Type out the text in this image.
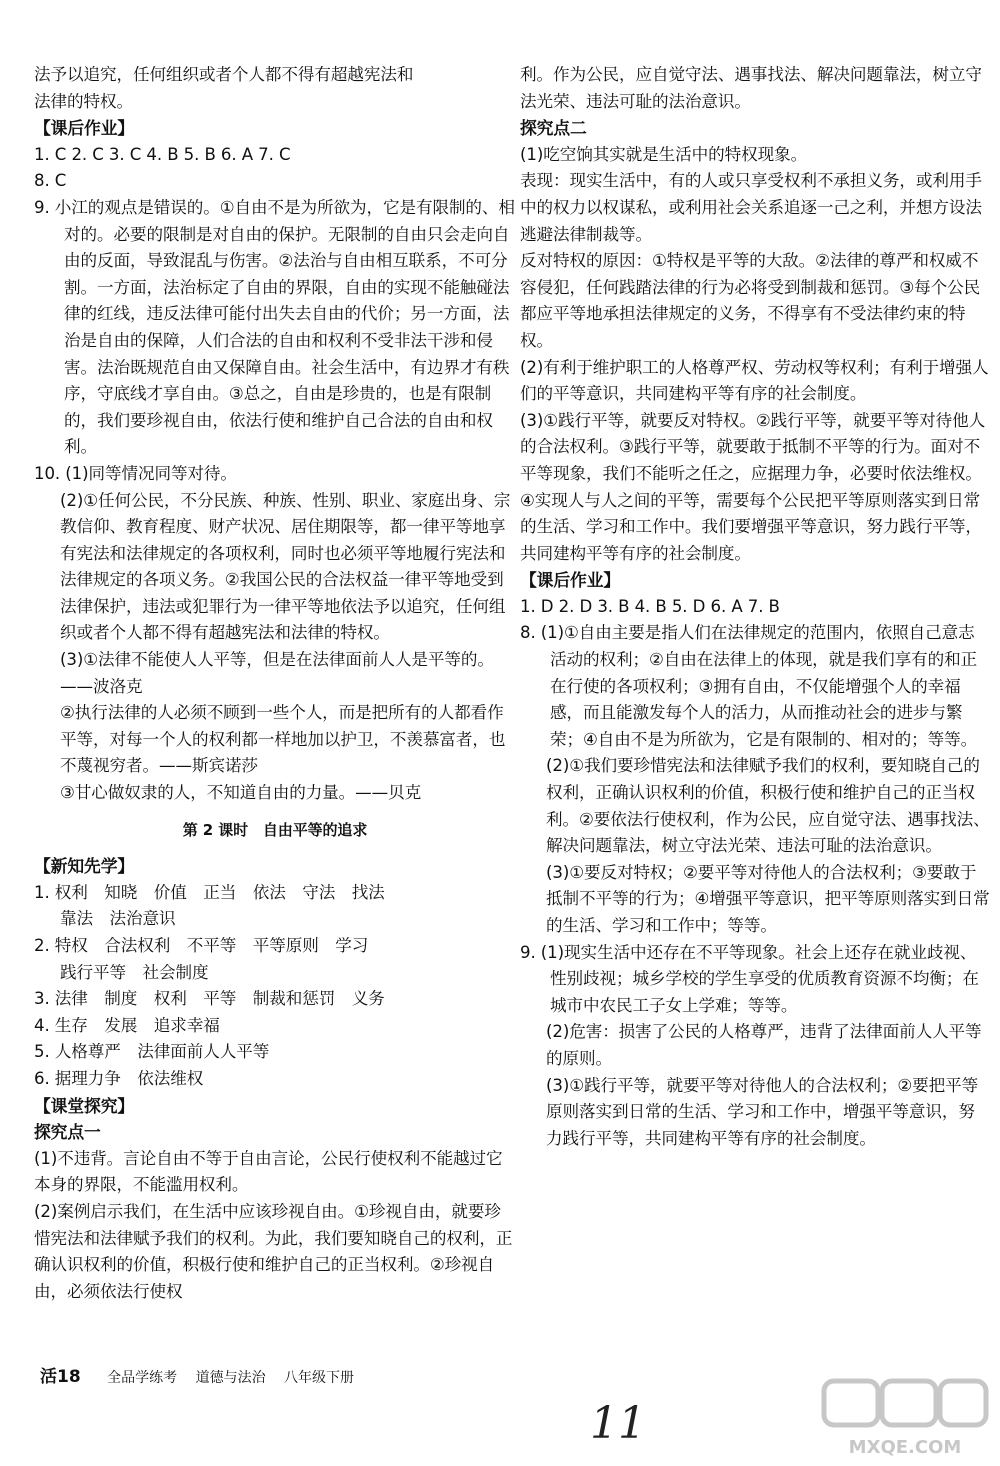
法予以追究，任何组织或者个人都不得有超越宪法和

法律的特权。

【课后作业】

1. C 2. C 3. C 4. B 5. B 6. A 7. C

8. C

9. 小江的观点是错误的。①自由不是为所欲为，它是有限制的、相对的。必要的限制是对自由的保护。无限制的自由只会走向自由的反面，导致混乱与伤害。②法治与自由相互联系，不可分割。一方面，法治标定了自由的界限，自由的实现不能触碰法律的红线，违反法律可能付出失去自由的代价；另一方面，法治是自由的保障，人们合法的自由和权利不受非法干涉和侵害。法治既规范自由又保障自由。社会生活中，有边界才有秩序，守底线才享自由。③总之，自由是珍贵的，也是有限制的，我们要珍视自由，依法行使和维护自己合法的自由和权利。

10. (1)同等情况同等对待。

(2)①任何公民，不分民族、种族、性别、职业、家庭出身、宗教信仰、教育程度、财产状况、居住期限等，都一律平等地享有宪法和法律规定的各项权利，同时也必须平等地履行宪法和法律规定的各项义务。②我国公民的合法权益一律平等地受到法律保护，违法或犯罪行为一律平等地依法予以追究，任何组织或者个人都不得有超越宪法和法律的特权。

(3)①法律不能使人人平等，但是在法律面前人人是平等的。——波洛克

②执行法律的人必须不顾到一些个人，而是把所有的人都看作平等，对每一个人的权利都一样地加以护卫，不羡慕富者，也不蔑视穷者。——斯宾诺莎

③甘心做奴隶的人，不知道自由的力量。——贝克

第 2 课时　自由平等的追求

【新知先学】

1. 权利　知晓　价值　正当　依法　守法　找法

靠法　法治意识

2. 特权　合法权利　不平等　平等原则　学习

践行平等　社会制度

3. 法律　制度　权利　平等　制裁和惩罚　义务

4. 生存　发展　追求幸福

5. 人格尊严　法律面前人人平等

6. 据理力争　依法维权

【课堂探究】

探究点一

(1)不违背。言论自由不等于自由言论，公民行使权利不能越过它本身的界限，不能滥用权利。

(2)案例启示我们，在生活中应该珍视自由。①珍视自由，就要珍惜宪法和法律赋予我们的权利。为此，我们要知晓自己的权利，正确认识权利的价值，积极行使和维护自己的正当权利。②珍视自由，必须依法行使权

利。作为公民，应自觉守法、遇事找法、解决问题靠法，树立守法光荣、违法可耻的法治意识。

探究点二

(1)吃空饷其实就是生活中的特权现象。

表现：现实生活中，有的人或只享受权利不承担义务，或利用手中的权力以权谋私，或利用社会关系追逐一己之利，并想方设法逃避法律制裁等。

反对特权的原因：①特权是平等的大敌。②法律的尊严和权威不容侵犯，任何践踏法律的行为必将受到制裁和惩罚。③每个公民都应平等地承担法律规定的义务，不得享有不受法律约束的特权。

(2)有利于维护职工的人格尊严权、劳动权等权利；有利于增强人们的平等意识，共同建构平等有序的社会制度。

(3)①践行平等，就要反对特权。②践行平等，就要平等对待他人的合法权利。③践行平等，就要敢于抵制不平等的行为。面对不平等现象，我们不能听之任之，应据理力争，必要时依法维权。④实现人与人之间的平等，需要每个公民把平等原则落实到日常的生活、学习和工作中。我们要增强平等意识，努力践行平等，共同建构平等有序的社会制度。

【课后作业】

1. D 2. D 3. B 4. B 5. D 6. A 7. B

8. (1)①自由主要是指人们在法律规定的范围内，依照自己意志活动的权利；②自由在法律上的体现，就是我们享有的和正在行使的各项权利；③拥有自由，不仅能增强个人的幸福感，而且能激发每个人的活力，从而推动社会的进步与繁荣；④自由不是为所欲为，它是有限制的、相对的；等等。

(2)①我们要珍惜宪法和法律赋予我们的权利，要知晓自己的权利，正确认识权利的价值，积极行使和维护自己的正当权利。②要依法行使权利，作为公民，应自觉守法、遇事找法、解决问题靠法，树立守法光荣、违法可耻的法治意识。

(3)①要反对特权；②要平等对待他人的合法权利；③要敢于抵制不平等的行为；④增强平等意识，把平等原则落实到日常的生活、学习和工作中；等等。

9. (1)现实生活中还存在不平等现象。社会上还存在就业歧视、性别歧视；城乡学校的学生享受的优质教育资源不均衡；在城市中农民工子女上学难；等等。

(2)危害：损害了公民的人格尊严，违背了法律面前人人平等的原则。

(3)①践行平等，就要平等对待他人的合法权利；②要把平等原则落实到日常的生活、学习和工作中，增强平等意识，努力践行平等，共同建构平等有序的社会制度。

活18 全品学练考 道德与法治 八年级下册
11	MXQE.COM
